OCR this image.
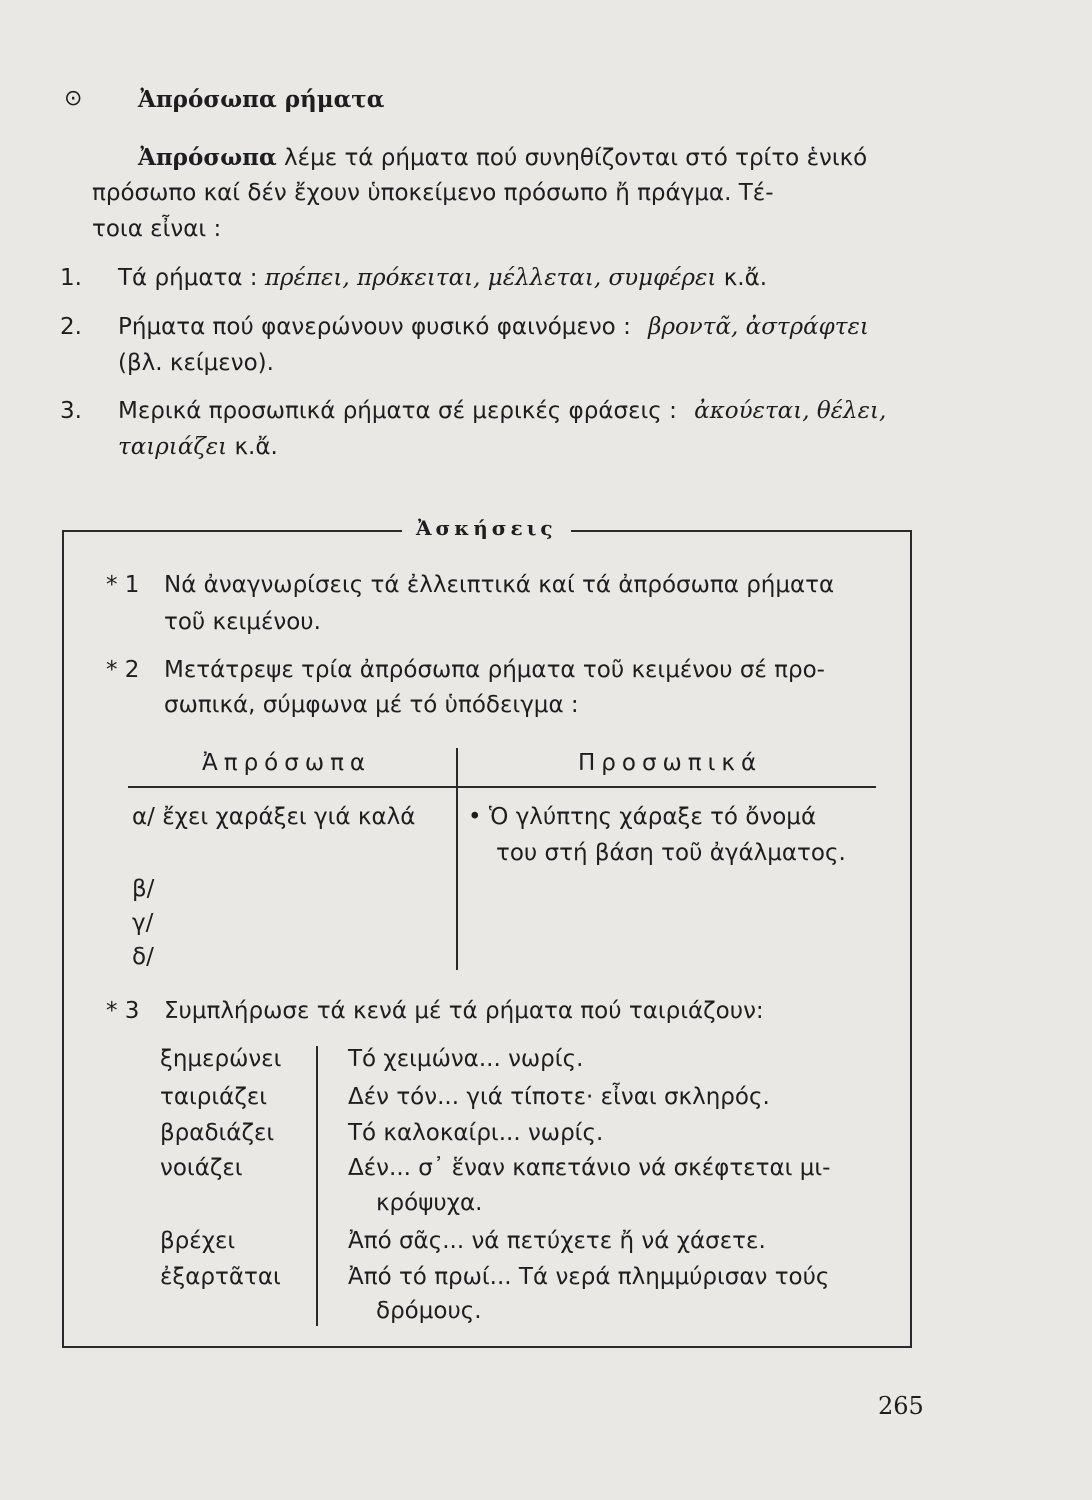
⊙ Ἀπρόσωπα ρήματα
Ἀπρόσωπα λέμε τά ρήματα πού συνηθίζονται στό τρίτο ἑνικό
πρόσωπο καί δέν ἔχουν ὑποκείμενο πρόσωπο ἤ πράγμα. Τέ-
τοια εἶναι :
1. Τά ρήματα : πρέπει, πρόκειται, μέλλεται, συμφέρει κ.ἄ.
2. Ρήματα πού φανερώνουν φυσικό φαινόμενο : βροντᾶ, ἀστράφτει
(βλ. κείμενο).
3. Μερικά προσωπικά ρήματα σέ μερικές φράσεις : ἀκούεται, θέλει,
ταιριάζει κ.ἄ.
Ἀσκήσεις
* 1 Νά ἀναγνωρίσεις τά ἐλλειπτικά καί τά ἀπρόσωπα ρήματα
τοῦ κειμένου.
* 2 Μετάτρεψε τρία ἀπρόσωπα ρήματα τοῦ κειμένου σέ προ-
σωπικά, σύμφωνα μέ τό ὑπόδειγμα :
Ἀπρόσωπα	Προσωπικά
α/ ἔχει χαράξει γιά καλά • Ὁ γλύπτης χάραξε τό ὄνομά
του στή βάση τοῦ ἀγάλματος.
β/
γ/
δ/
* 3 Συμπλήρωσε τά κενά μέ τά ρήματα πού ταιριάζουν:
ξημερώνει
ταιριάζει
βραδιάζει
νοιάζει
βρέχει
ἐξαρτᾶται
Τό χειμώνα... νωρίς.
Δέν τόν... γιά τίποτε· εἶναι σκληρός.
Τό καλοκαίρι... νωρίς.
Δέν... σ᾽ ἕναν καπετάνιο νά σκέφτεται μι-
κρόψυχα.
Ἀπό σᾶς... νά πετύχετε ἤ νά χάσετε.
Ἀπό τό πρωί... Τά νερά πλημμύρισαν τούς
δρόμους.
265
